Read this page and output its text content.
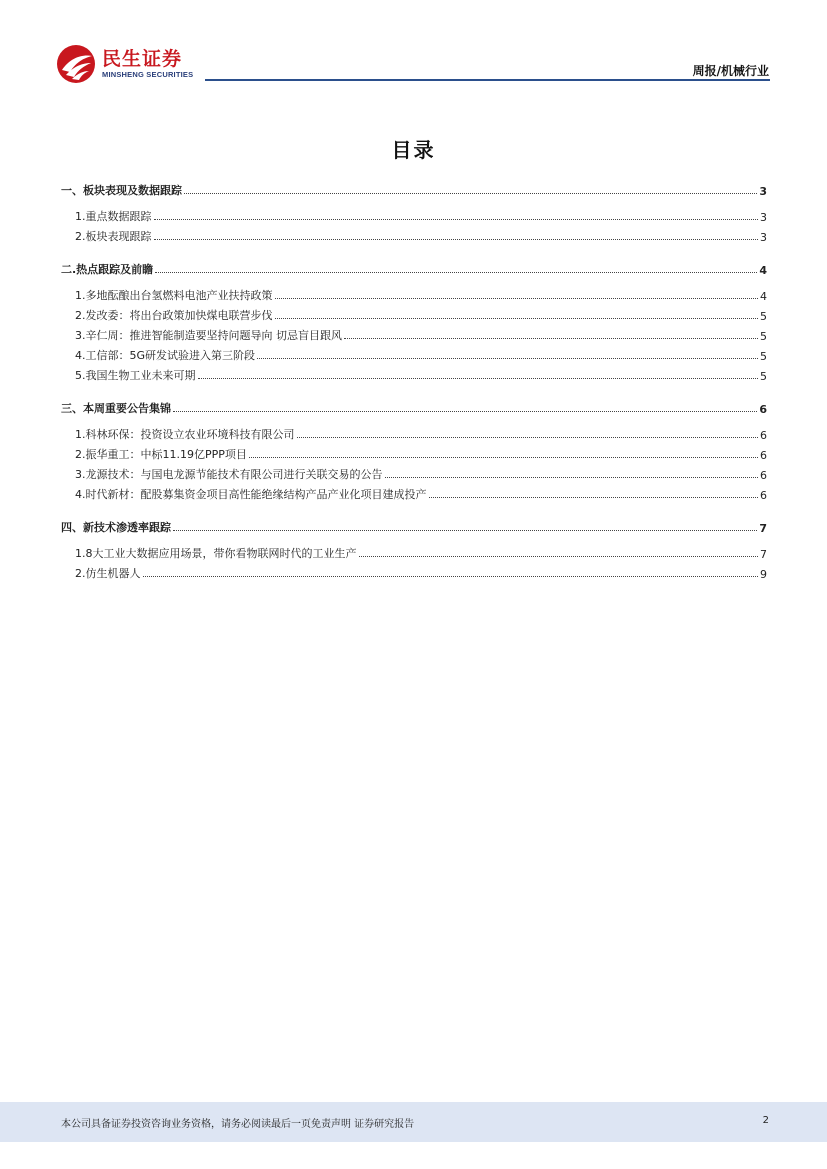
民生证券
MINSHENG SECURITIES	周报/机械行业
目录
一、板块表现及数据跟踪	3
1.重点数据跟踪	3
2.板块表现跟踪	3
二.热点跟踪及前瞻	4
1.多地酝酿出台氢燃料电池产业扶持政策	4
2.发改委：将出台政策加快煤电联营步伐	5
3.辛仁周：推进智能制造要坚持问题导向 切忌盲目跟风	5
4.工信部：5G研发试验进入第三阶段	5
5.我国生物工业未来可期	5
三、本周重要公告集锦	6
1.科林环保：投资设立农业环境科技有限公司	6
2.振华重工：中标11.19亿PPP项目	6
3.龙源技术：与国电龙源节能技术有限公司进行关联交易的公告	6
4.时代新材：配股募集资金项目高性能绝缘结构产品产业化项目建成投产	6
四、新技术渗透率跟踪	7
1.8大工业大数据应用场景，带你看物联网时代的工业生产	7
2.仿生机器人	9
本公司具备证券投资咨询业务资格，请务必阅读最后一页免责声明 证券研究报告	2
